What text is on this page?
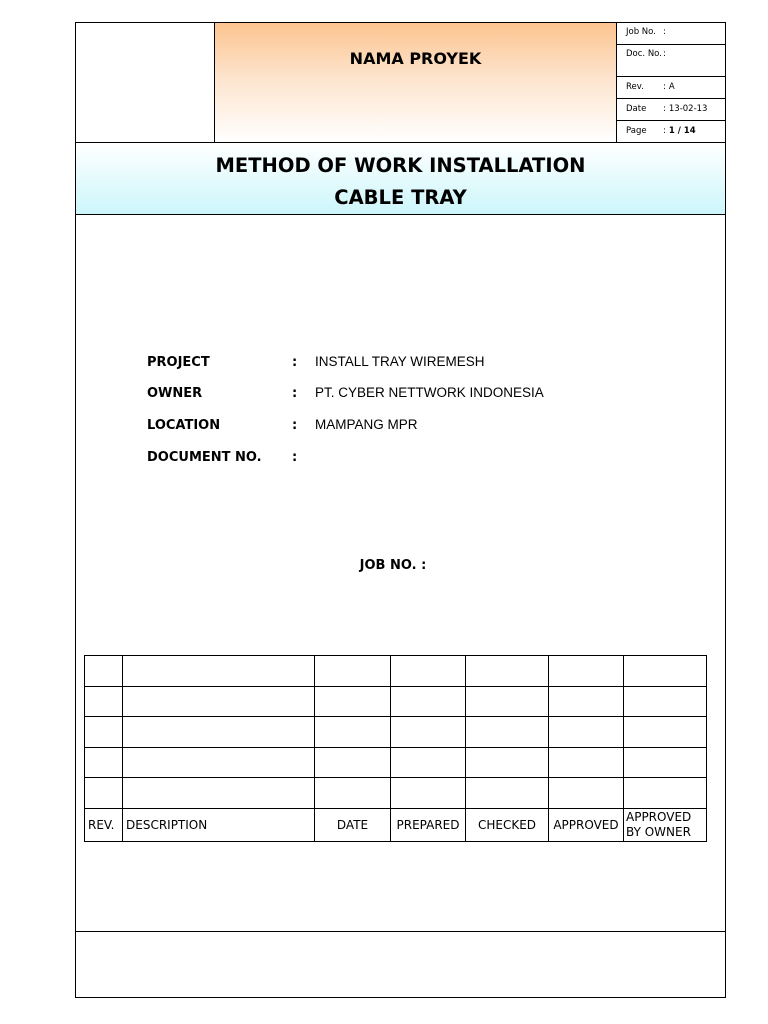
NAMA PROYEK
Job No. :
Doc. No. :
Rev.	: A
Date	: 13-02-13
Page	: 1 / 14
METHOD OF WORK INSTALLATION
CABLE TRAY
PROJECT	: INSTALL TRAY WIREMESH
OWNER	: PT. CYBER NETTWORK INDONESIA
LOCATION	: MAMPANG MPR
DOCUMENT NO. :
JOB NO. :

REV.	DESCRIPTION	DATE	PREPARED	CHECKED	APPROVED	APPROVED
BY OWNER
